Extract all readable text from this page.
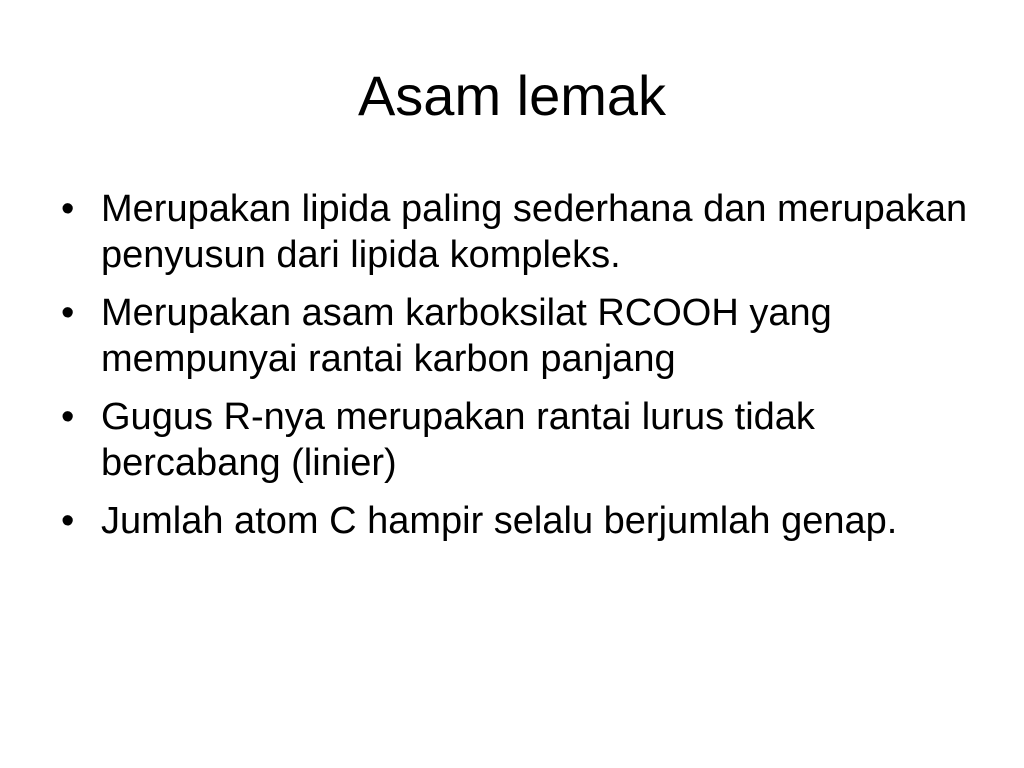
Asam lemak
• Merupakan lipida paling sederhana dan merupakan penyusun dari lipida kompleks.
• Merupakan asam karboksilat RCOOH yang mempunyai rantai karbon panjang
• Gugus R-nya merupakan rantai lurus tidak bercabang (linier)
• Jumlah atom C hampir selalu berjumlah genap.
